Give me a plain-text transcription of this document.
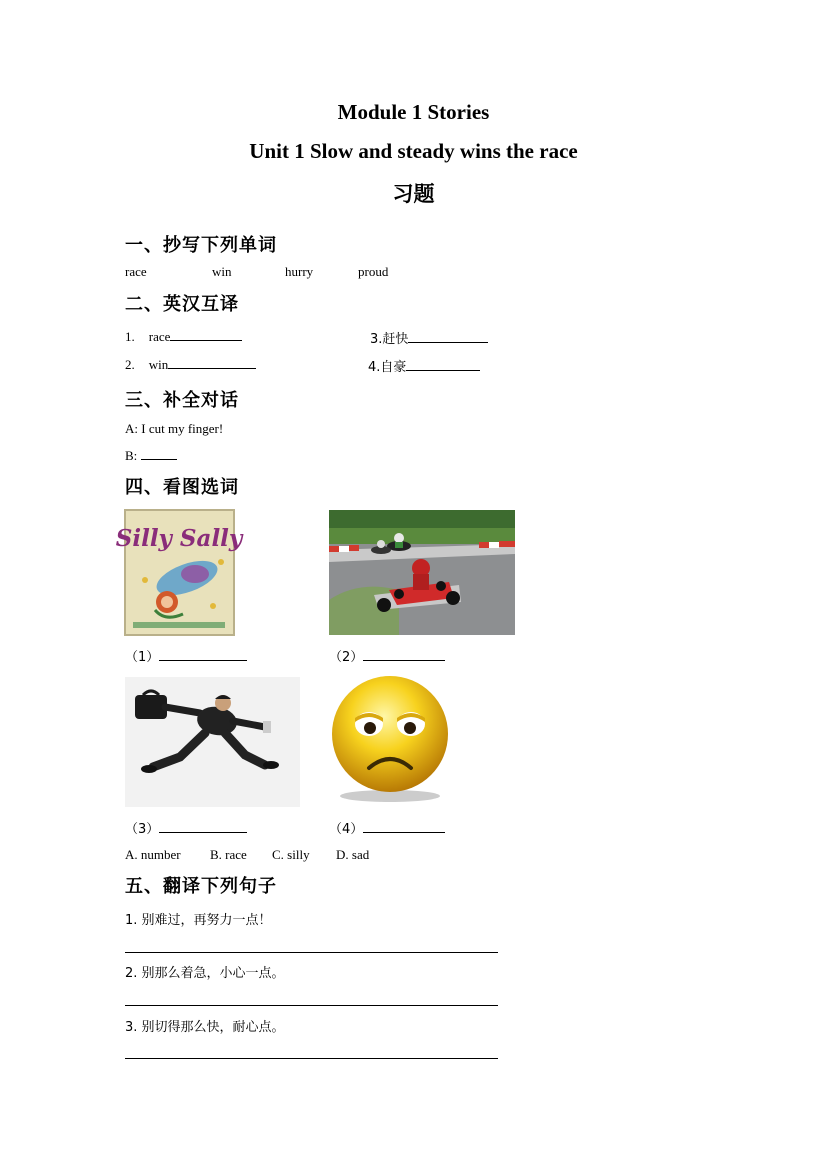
Module 1 Stories
Unit 1 Slow and steady wins the race
习题
一、抄写下列单词
race	win	hurry	proud
二、英汉互译
1. race	3.赶快
2. win	4.自豪
三、补全对话
A: I cut my finger!
B:
四、看图选词
Silly Sally
（1）	（2）
（3）	（4）
A. number B. race C. silly D. sad
五、翻译下列句子
1. 别难过，再努力一点！
2. 别那么着急，小心一点。
3. 别切得那么快，耐心点。
